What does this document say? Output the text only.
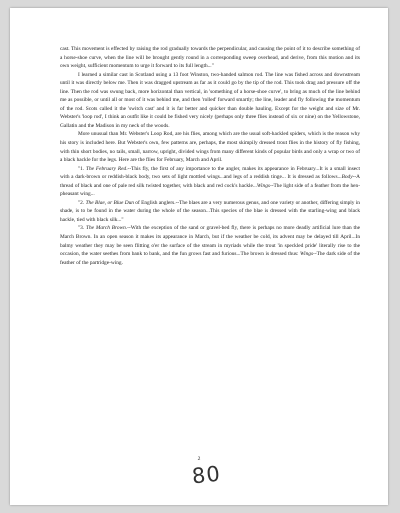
cast. This movement is effected by raising the rod gradually towards the perpendicular, and causing the point of it to describe something of a horse-shoe curve, when the line will be brought gently round in a corresponding sweep overhead, and derive, from this motion and its own weight, sufficient momentum to urge it forward to its full length..."

I learned a similar cast in Scotland using a 13 foot Winston, two-handed salmon rod. The line was fished across and downstream until it was directly below me. Then it was dragged upstream as far as it could go by the tip of the rod. This took drag and pressure off the line. Then the rod was swung back, more horizontal than vertical, in 'something of a horse-shoe curve', to bring as much of the line behind me as possible, or until all or most of it was behind me, and then 'rolled' forward smartly; the line, leader and fly following the momentum of the rod. Scots called it the 'switch cast' and it is far better and quicker than double hauling. Except for the weight and size of Mr. Webster's 'loop rod', I think an outfit like it could be fished very nicely (perhaps only three flies instead of six or nine) on the Yellowstone, Gallatin and the Madison in my neck of the woods.

More unusual than Mr. Webster's Loop Rod, are his flies, among which are the usual soft-hackled spiders, which is the reason why his story is included here. But Webster's own, few patterns are, perhaps, the most skimpily dressed trout flies in the history of fly fishing, with thin short bodies, no tails, small, narrow, upright, divided wings from many different kinds of popular birds and only a wrap or two of a black hackle for the legs. Here are the flies for February, March and April.

"1. The February Red.--This fly, the first of any importance to the angler, makes its appearance in February...It is a small insect with a dark-brown or reddish-black body, two sets of light mottled wings...and legs of a reddish tinge... It is dressed as follows...Body--A thread of black and one of pale red silk twisted together, with black and red cock's hackle...Wings--The light side of a feather from the hen-pheasant wing...

"2. The Blae, or Blue Dun of English anglers.--The blaes are a very numerous genus, and one variety or another, differing simply in shade, is to be found in the water during the whole of the season...This species of the blae is dressed with the starling-wing and black hackle, tied with black silk..."

"3. The March Brown.--With the exception of the sand or gravel-bed fly, there is perhaps no more deadly artificial lure than the March Brown. In an open season it makes its appearance in March, but if the weather be cold, its advent may be delayed till April...In balmy weather they may be seen flitting o'er the surface of the stream in myriads while the trout 'in speckled pride' literally rise to the occasion, the water seethes from bank to bank, and the fun grows fast and furious...The brown is dressed thus: Wings--The dark side of the feather of the partridge-wing.

2
80
